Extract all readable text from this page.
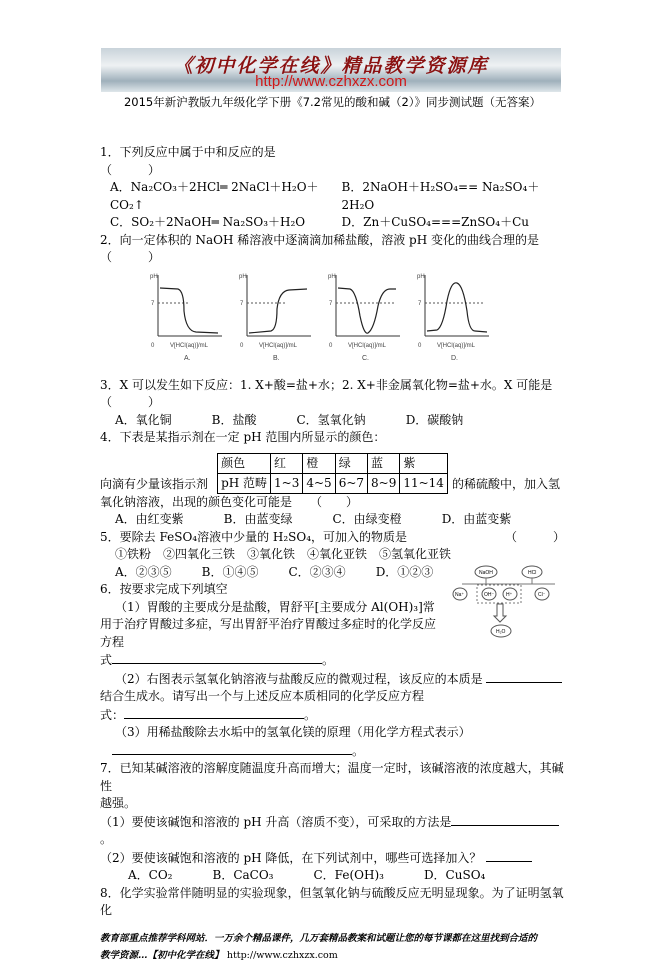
《初中化学在线》精品教学资源库
http://www.czhxzx.com
2015年新沪教版九年级化学下册《7.2常见的酸和碱（2）》同步测试题（无答案）
1．下列反应中属于中和反应的是
（　　　）
A．Na₂CO₃＋2HCl═ 2NaCl＋H₂O＋CO₂↑
B．2NaOH＋H₂SO₄== Na₂SO₄＋2H₂O
C．SO₂＋2NaOH═ Na₂SO₃＋H₂O	D．Zn＋CuSO₄===ZnSO₄＋Cu
2．向一定体积的 NaOH 稀溶液中逐滴滴加稀盐酸，溶液 pH 变化的曲线合理的是
（　　　）
pH
7
0	V[HCl(aq)]/mL
A.
pH
7
0	V[HCl(aq)]/mL
B.
pH
7
0	V[HCl(aq)]/mL
C.
pH
7
0	V[HCl(aq)]/mL
D.
3．X 可以发生如下反应：1. X+酸=盐+水；2. X+非金属氧化物=盐+水。X 可能是
（　　　）
A．氧化铜	B．盐酸	C．氢氧化钠	D．碳酸钠
4．下表是某指示剂在一定 pH 范围内所显示的颜色：
向滴有少量该指示剂
颜色	红	橙	绿	蓝	紫
pH 范畴	1~3	4~5	6~7	8~9	11~14 的稀硫酸中，加入氢
氧化钠溶液，出现的颜色变化可能是　　（　　）
A．由红变紫	B．由蓝变绿	C．由绿变橙	D．由蓝变紫
5．要除去 FeSO₄溶液中少量的 H₂SO₄，可加入的物质是	（　　　）
①铁粉　②四氧化三铁　③氧化铁　④氧化亚铁　⑤氢氧化亚铁
NaOH	HCl
Na⁺	OH⁻ H⁺	Cl⁻
H₂O
A．②③⑤	B．①④⑤	C．②③④	D．①②③
6．按要求完成下列填空
（1）胃酸的主要成分是盐酸，胃舒平[主要成分 Al(OH)₃]常用于治疗胃酸过多症，写出胃舒平治疗胃酸过多症时的化学反应方程
式	。
（2）右图表示氢氧化钠溶液与盐酸反应的微观过程，该反应的本质是结合生成水。请写出一个与上述反应本质相同的化学反应方程
式：	。
（3）用稀盐酸除去水垢中的氢氧化镁的原理（用化学方程式表示）
。
7．已知某碱溶液的溶解度随温度升高而增大；温度一定时，该碱溶液的浓度越大，其碱性
越强。
（1）要使该碱饱和溶液的 pH 升高（溶质不变），可采取的方法是。
（2）要使该碱饱和溶液的 pH 降低，在下列试剂中，哪些可选择加入？
A．CO₂	B．CaCO₃	C．Fe(OH)₃	D．CuSO₄
8．化学实验常伴随明显的实验现象，但氢氧化钠与硫酸反应无明显现象。为了证明氢氧化
教育部重点推荐学科网站．一万余个精品课件，几万套精品教案和试题让您的每节课都在这里找到合适的
教学资源…【初中化学在线】 http://www.czhxzx.com
